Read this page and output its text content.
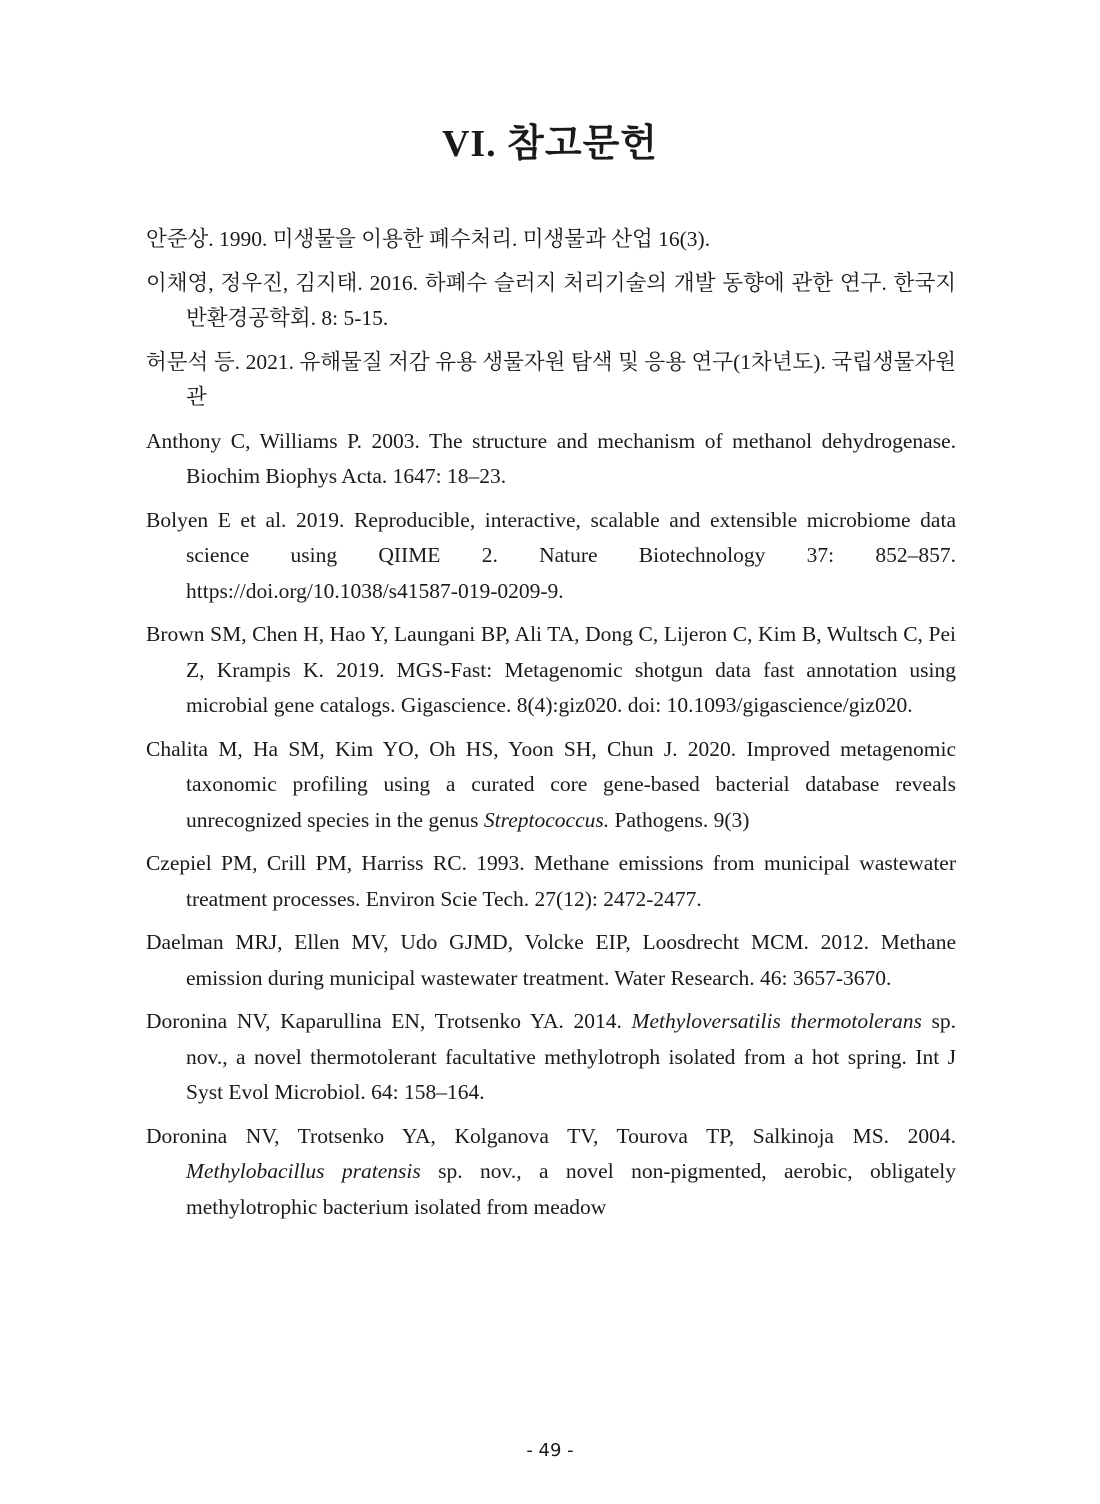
VI. 참고문헌
안준상. 1990. 미생물을 이용한 폐수처리. 미생물과 산업 16(3).
이채영, 정우진, 김지태. 2016. 하폐수 슬러지 처리기술의 개발 동향에 관한 연구. 한국지반환경공학회. 8: 5-15.
허문석 등. 2021. 유해물질 저감 유용 생물자원 탐색 및 응용 연구(1차년도). 국립생물자원관
Anthony C, Williams P. 2003. The structure and mechanism of methanol dehydrogenase. Biochim Biophys Acta. 1647: 18–23.
Bolyen E et al. 2019. Reproducible, interactive, scalable and extensible microbiome data science using QIIME 2. Nature Biotechnology 37: 852–857. https://doi.org/10.1038/s41587-019-0209-9.
Brown SM, Chen H, Hao Y, Laungani BP, Ali TA, Dong C, Lijeron C, Kim B, Wultsch C, Pei Z, Krampis K. 2019. MGS-Fast: Metagenomic shotgun data fast annotation using microbial gene catalogs. Gigascience. 8(4):giz020. doi: 10.1093/gigascience/giz020.
Chalita M, Ha SM, Kim YO, Oh HS, Yoon SH, Chun J. 2020. Improved metagenomic taxonomic profiling using a curated core gene-based bacterial database reveals unrecognized species in the genus Streptococcus. Pathogens. 9(3)
Czepiel PM, Crill PM, Harriss RC. 1993. Methane emissions from municipal wastewater treatment processes. Environ Scie Tech. 27(12): 2472-2477.
Daelman MRJ, Ellen MV, Udo GJMD, Volcke EIP, Loosdrecht MCM. 2012. Methane emission during municipal wastewater treatment. Water Research. 46: 3657-3670.
Doronina NV, Kaparullina EN, Trotsenko YA. 2014. Methyloversatilis thermotolerans sp. nov., a novel thermotolerant facultative methylotroph isolated from a hot spring. Int J Syst Evol Microbiol. 64: 158–164.
Doronina NV, Trotsenko YA, Kolganova TV, Tourova TP, Salkinoja MS. 2004. Methylobacillus pratensis sp. nov., a novel non-pigmented, aerobic, obligately methylotrophic bacterium isolated from meadow
- 49 -
